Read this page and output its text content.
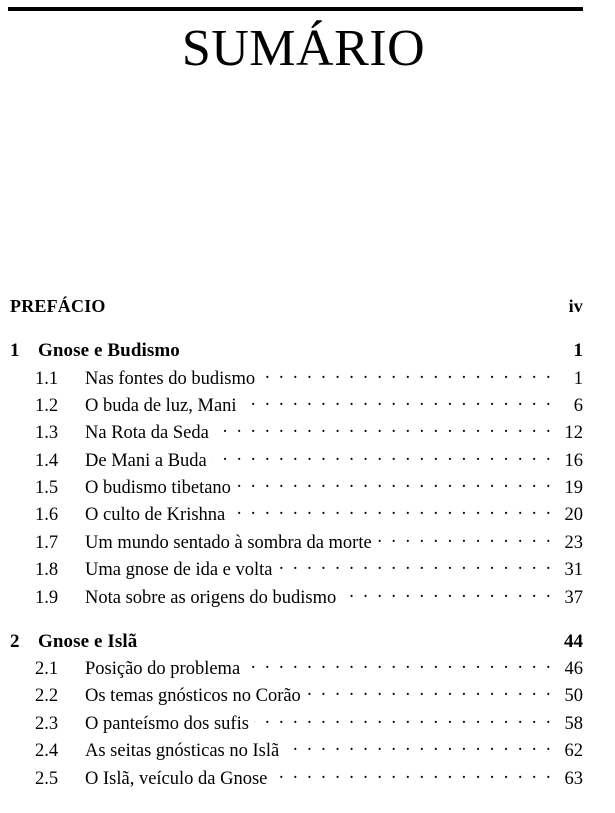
SUMÁRIO
PREFÁCIO	iv
1 Gnose e Budismo	1
1.1	Nas fontes do budismo . . .	1
1.2	O buda de luz, Mani . . .	6
1.3	Na Rota da Seda . . .	12
1.4	De Mani a Buda . . .	16
1.5	O budismo tibetano . . .	19
1.6	O culto de Krishna . . .	20
1.7	Um mundo sentado à sombra da morte . . .	23
1.8	Uma gnose de ida e volta . . .	31
1.9	Nota sobre as origens do budismo . . .	37
2 Gnose e Islã	44
2.1	Posição do problema . . .	46
2.2	Os temas gnósticos no Corão . . .	50
2.3	O panteísmo dos sufis . . .	58
2.4	As seitas gnósticas no Islã . . .	62
2.5	O Islã, veículo da Gnose . . .	63
